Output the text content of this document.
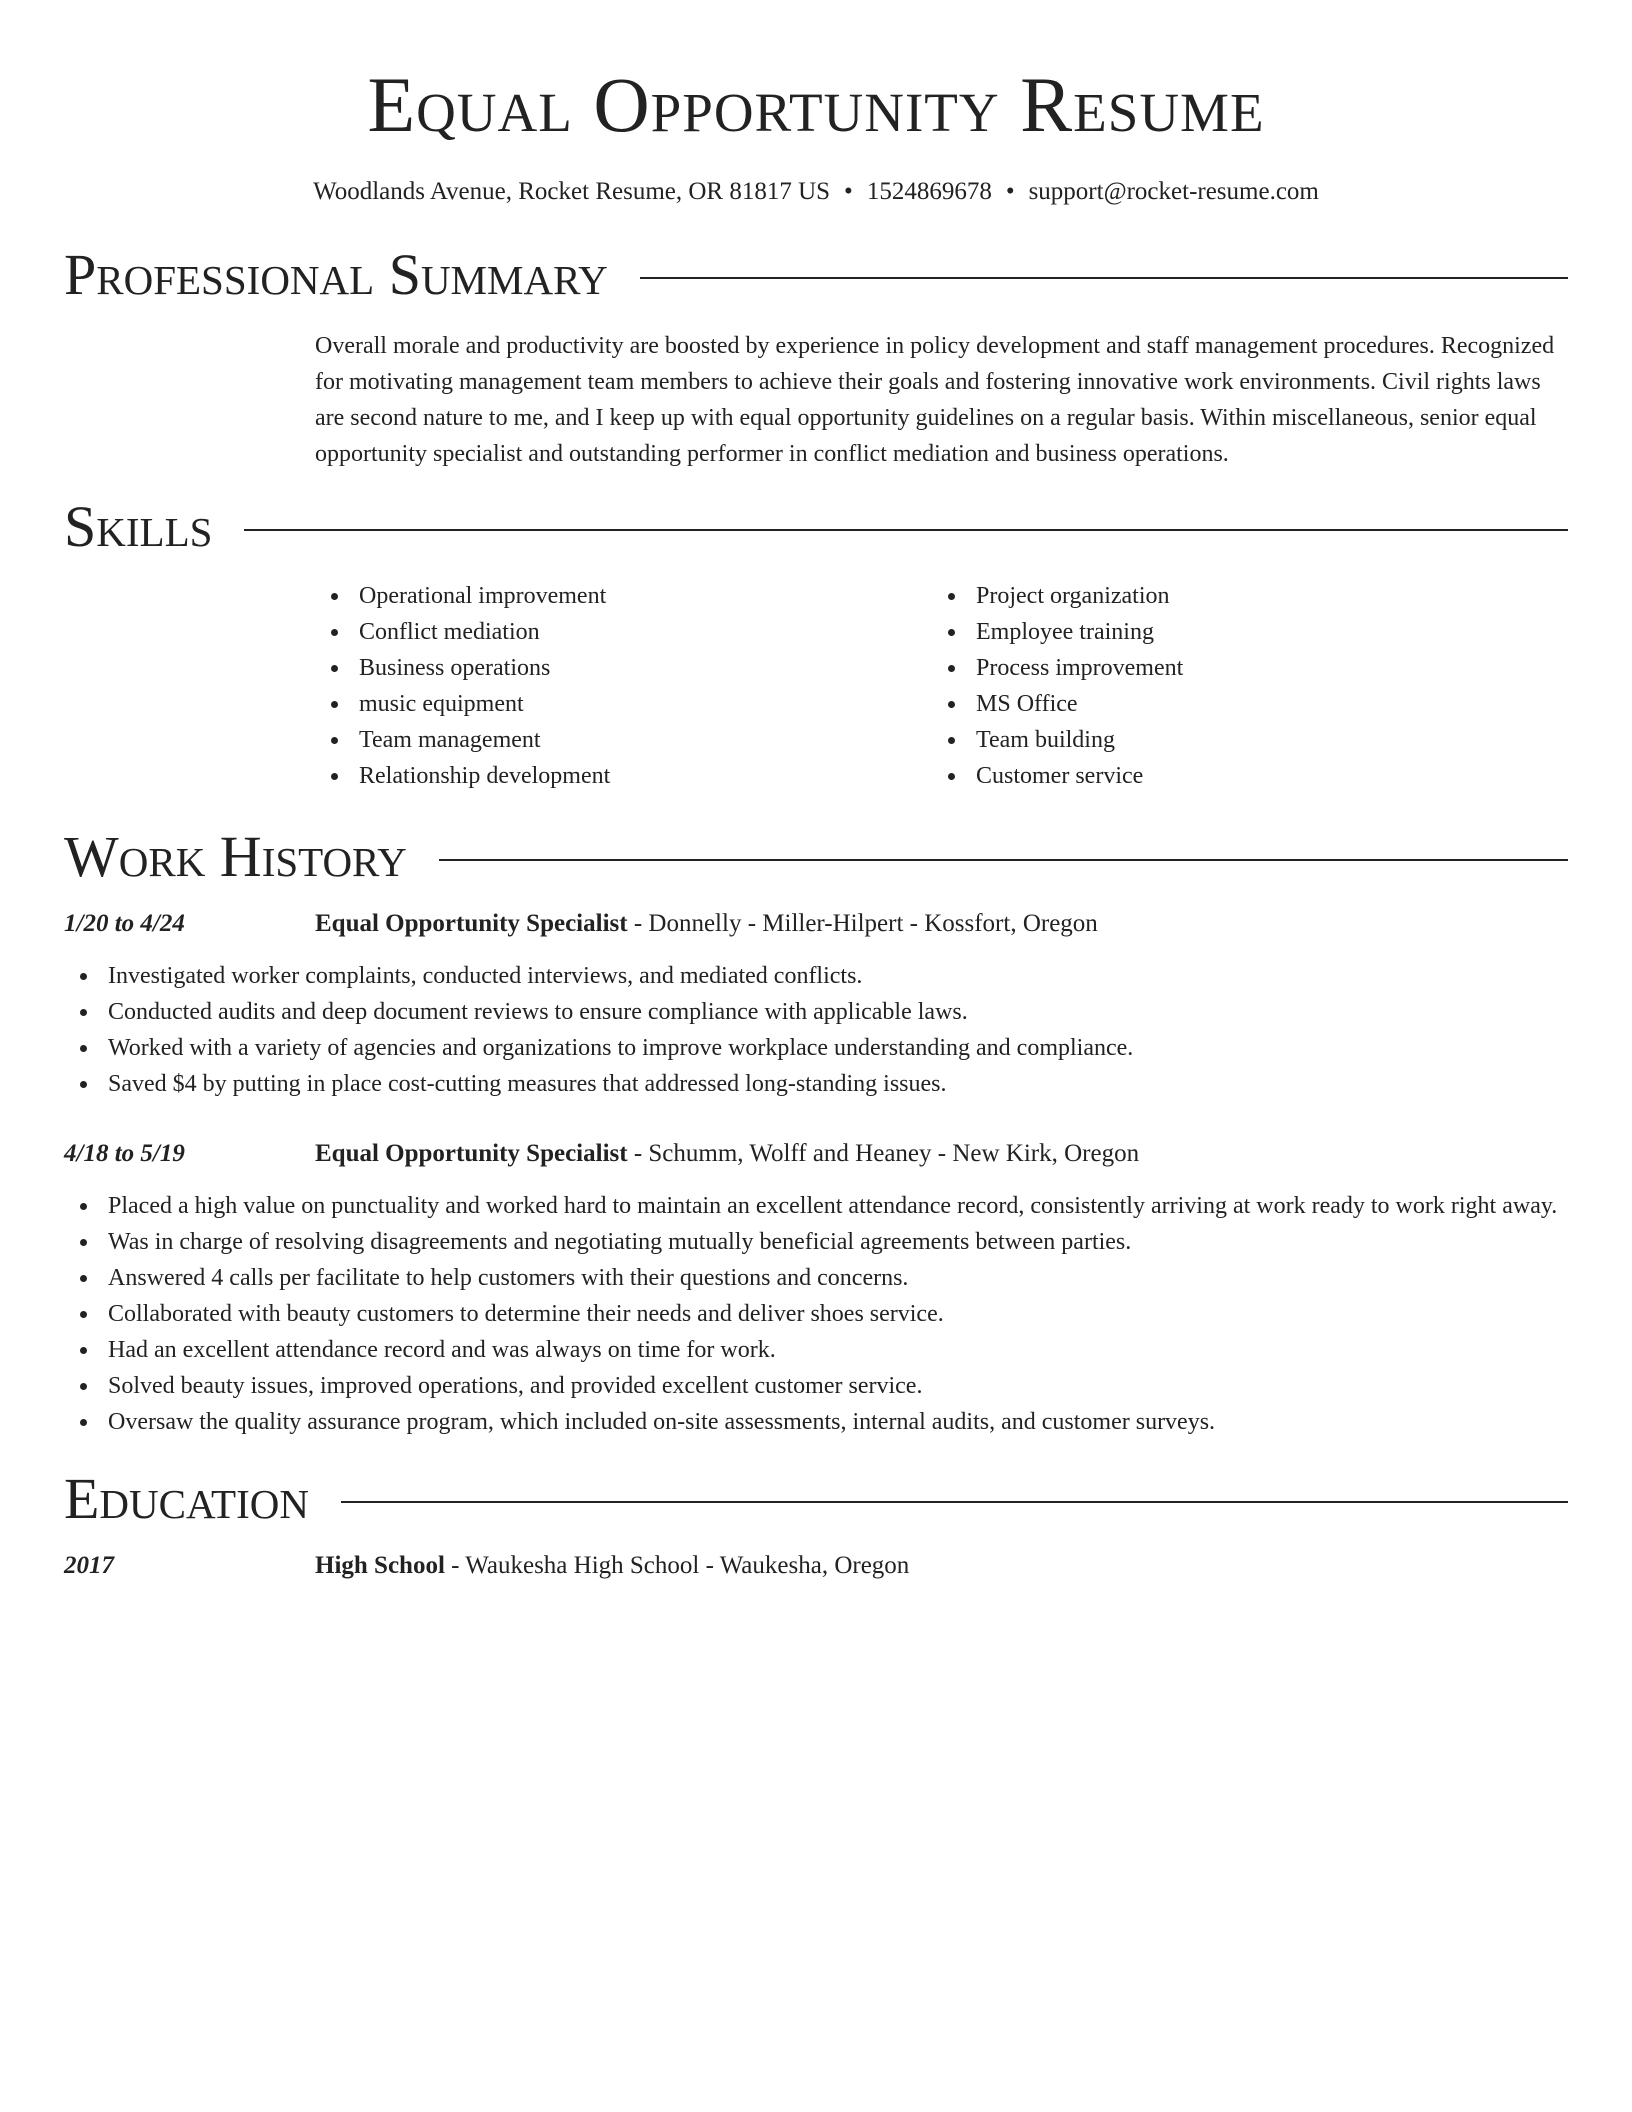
Equal Opportunity Resume
Woodlands Avenue, Rocket Resume, OR 81817 US • 1524869678 • support@rocket-resume.com
Professional Summary
Overall morale and productivity are boosted by experience in policy development and staff management procedures. Recognized for motivating management team members to achieve their goals and fostering innovative work environments. Civil rights laws are second nature to me, and I keep up with equal opportunity guidelines on a regular basis. Within miscellaneous, senior equal opportunity specialist and outstanding performer in conflict mediation and business operations.
Skills
Operational improvement
Conflict mediation
Business operations
music equipment
Team management
Relationship development
Project organization
Employee training
Process improvement
MS Office
Team building
Customer service
Work History
1/20 to 4/24	Equal Opportunity Specialist - Donnelly - Miller-Hilpert - Kossfort, Oregon
Investigated worker complaints, conducted interviews, and mediated conflicts.
Conducted audits and deep document reviews to ensure compliance with applicable laws.
Worked with a variety of agencies and organizations to improve workplace understanding and compliance.
Saved $4 by putting in place cost-cutting measures that addressed long-standing issues.
4/18 to 5/19	Equal Opportunity Specialist - Schumm, Wolff and Heaney - New Kirk, Oregon
Placed a high value on punctuality and worked hard to maintain an excellent attendance record, consistently arriving at work ready to work right away.
Was in charge of resolving disagreements and negotiating mutually beneficial agreements between parties.
Answered 4 calls per facilitate to help customers with their questions and concerns.
Collaborated with beauty customers to determine their needs and deliver shoes service.
Had an excellent attendance record and was always on time for work.
Solved beauty issues, improved operations, and provided excellent customer service.
Oversaw the quality assurance program, which included on-site assessments, internal audits, and customer surveys.
Education
2017	High School - Waukesha High School - Waukesha, Oregon
